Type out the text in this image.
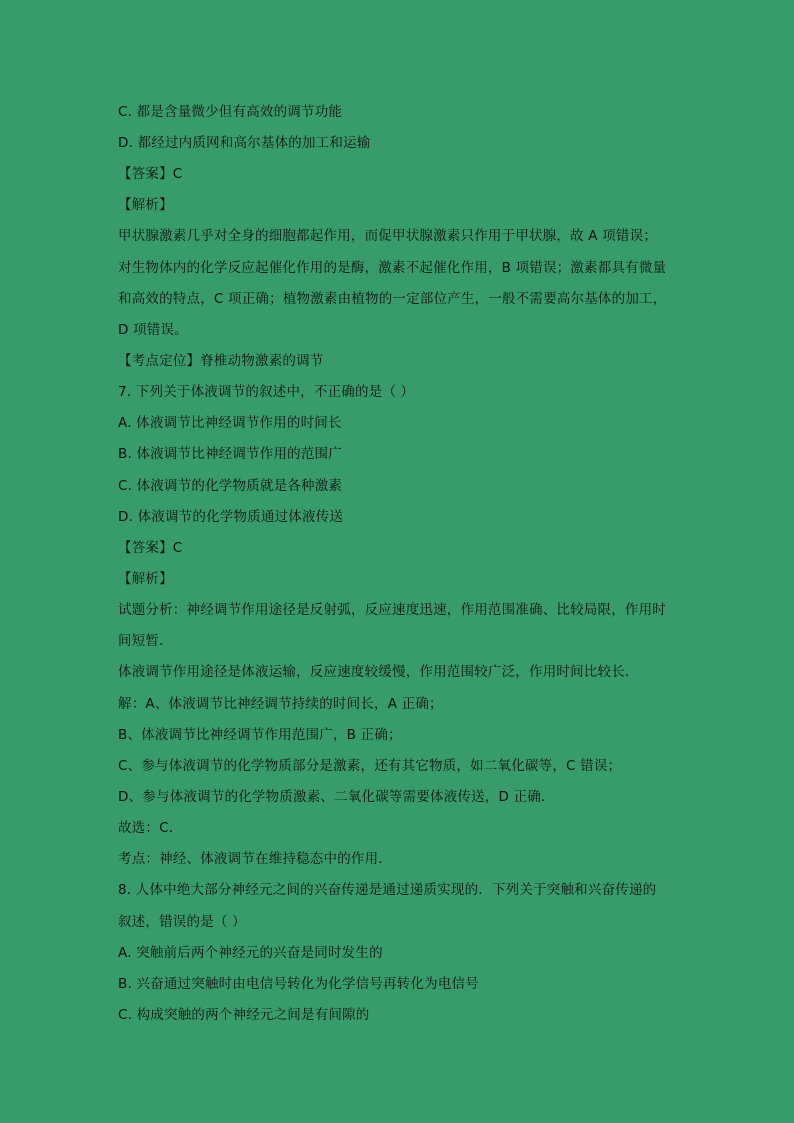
C. 都是含量微少但有高效的调节功能
D. 都经过内质网和高尔基体的加工和运输
【答案】C
【解析】
甲状腺激素几乎对全身的细胞都起作用，而促甲状腺激素只作用于甲状腺，故 A 项错误；
对生物体内的化学反应起催化作用的是酶，激素不起催化作用，B 项错误；激素都具有微量
和高效的特点，C 项正确；植物激素由植物的一定部位产生，一般不需要高尔基体的加工，
D 项错误。
【考点定位】脊椎动物激素的调节
7. 下列关于体液调节的叙述中，不正确的是（ ）
A. 体液调节比神经调节作用的时间长
B. 体液调节比神经调节作用的范围广
C. 体液调节的化学物质就是各种激素
D. 体液调节的化学物质通过体液传送
【答案】C
【解析】
试题分析：神经调节作用途径是反射弧，反应速度迅速，作用范围准确、比较局限，作用时
间短暂．
体液调节作用途径是体液运输，反应速度较缓慢，作用范围较广泛，作用时间比较长．
解：A、体液调节比神经调节持续的时间长，A 正确；
B、体液调节比神经调节作用范围广，B 正确；
C、参与体液调节的化学物质部分是激素，还有其它物质，如二氧化碳等，C 错误；
D、参与体液调节的化学物质激素、二氧化碳等需要体液传送，D 正确．
故选：C．
考点：神经、体液调节在维持稳态中的作用．
8. 人体中绝大部分神经元之间的兴奋传递是通过递质实现的．下列关于突触和兴奋传递的
叙述，错误的是（ ）
A. 突触前后两个神经元的兴奋是同时发生的
B. 兴奋通过突触时由电信号转化为化学信号再转化为电信号
C. 构成突触的两个神经元之间是有间隙的
